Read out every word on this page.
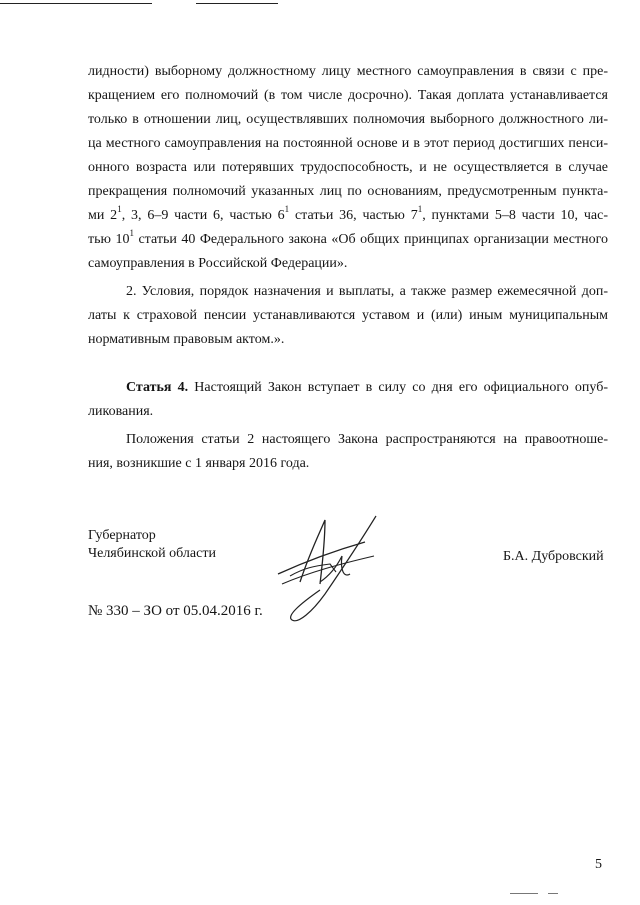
лидности) выборному должностному лицу местного самоуправления в связи с пре-
кращением его полномочий (в том числе досрочно). Такая доплата устанавливается
только в отношении лиц, осуществлявших полномочия выборного должностного ли-
ца местного самоуправления на постоянной основе и в этот период достигших пенси-
онного возраста или потерявших трудоспособность, и не осуществляется в случае
прекращения полномочий указанных лиц по основаниям, предусмотренным пункта-
ми $2^1$, 3, 6–9 части 6, частью $6^1$ статьи 36, частью $7^1$, пунктами 5–8 части 10, час-
тью $10^1$ статьи 40 Федерального закона «Об общих принципах организации местного
самоуправления в Российской Федерации».
2. Условия, порядок назначения и выплаты, а также размер ежемесячной доп-
латы к страховой пенсии устанавливаются уставом и (или) иным муниципальным
нормативным правовым актом.».
Статья 4. Настоящий Закон вступает в силу со дня его официального опуб-
ликования.
Положения статьи 2 настоящего Закона распространяются на правоотноше-
ния, возникшие с 1 января 2016 года.
Губернатор
Челябинской области	Б.А. Дубровский
№ 330 – ЗО от 05.04.2016 г.
5
